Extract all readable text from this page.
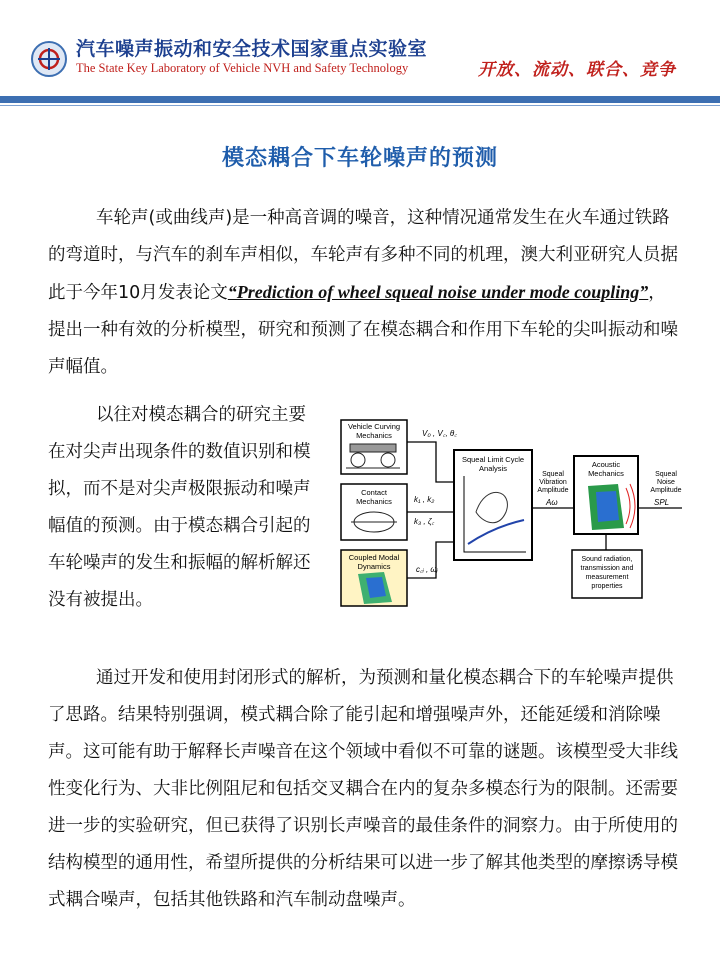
汽车噪声振动和安全技术国家重点实验室
The State Key Laboratory of Vehicle NVH and Safety Technology	开放、流动、联合、竞争
模态耦合下车轮噪声的预测
车轮声(或曲线声)是一种高音调的噪音，这种情况通常发生在火车通过铁路的弯道时，与汽车的刹车声相似，车轮声有多种不同的机理，澳大利亚研究人员据此于今年10月发表论文“Prediction of wheel squeal noise under mode coupling”，提出一种有效的分析模型，研究和预测了在模态耦合和作用下车轮的尖叫振动和噪声幅值。
以往对模态耦合的研究主要在对尖声出现条件的数值识别和模拟，而不是对尖声极限振动和噪声幅值的预测。由于模态耦合引起的车轮噪声的发生和振幅的解析解还没有被提出。
Vehicle Curving
Mechanics
Contact
Mechanics
Coupled Modal
Dynamics
V₀ , V꜀, θ꜀
k₁ , k₂
k₃ , ζ꜀
c꜀ᵢ , ωᵢ
Squeal Limit Cycle
Analysis
Squeal
Vibration
Amplitude
Aω
Acoustic
Mechanics	Squeal
Noise
Amplitude
SPL
Sound radiation,
transmission and
measurement
properties
通过开发和使用封闭形式的解析，为预测和量化模态耦合下的车轮噪声提供了思路。结果特别强调，模式耦合除了能引起和增强噪声外，还能延缓和消除噪声。这可能有助于解释长声噪音在这个领域中看似不可靠的谜题。该模型受大非线性变化行为、大非比例阻尼和包括交叉耦合在内的复杂多模态行为的限制。还需要进一步的实验研究，但已获得了识别长声噪音的最佳条件的洞察力。由于所使用的结构模型的通用性，希望所提供的分析结果可以进一步了解其他类型的摩擦诱导模式耦合噪声，包括其他铁路和汽车制动盘噪声。
